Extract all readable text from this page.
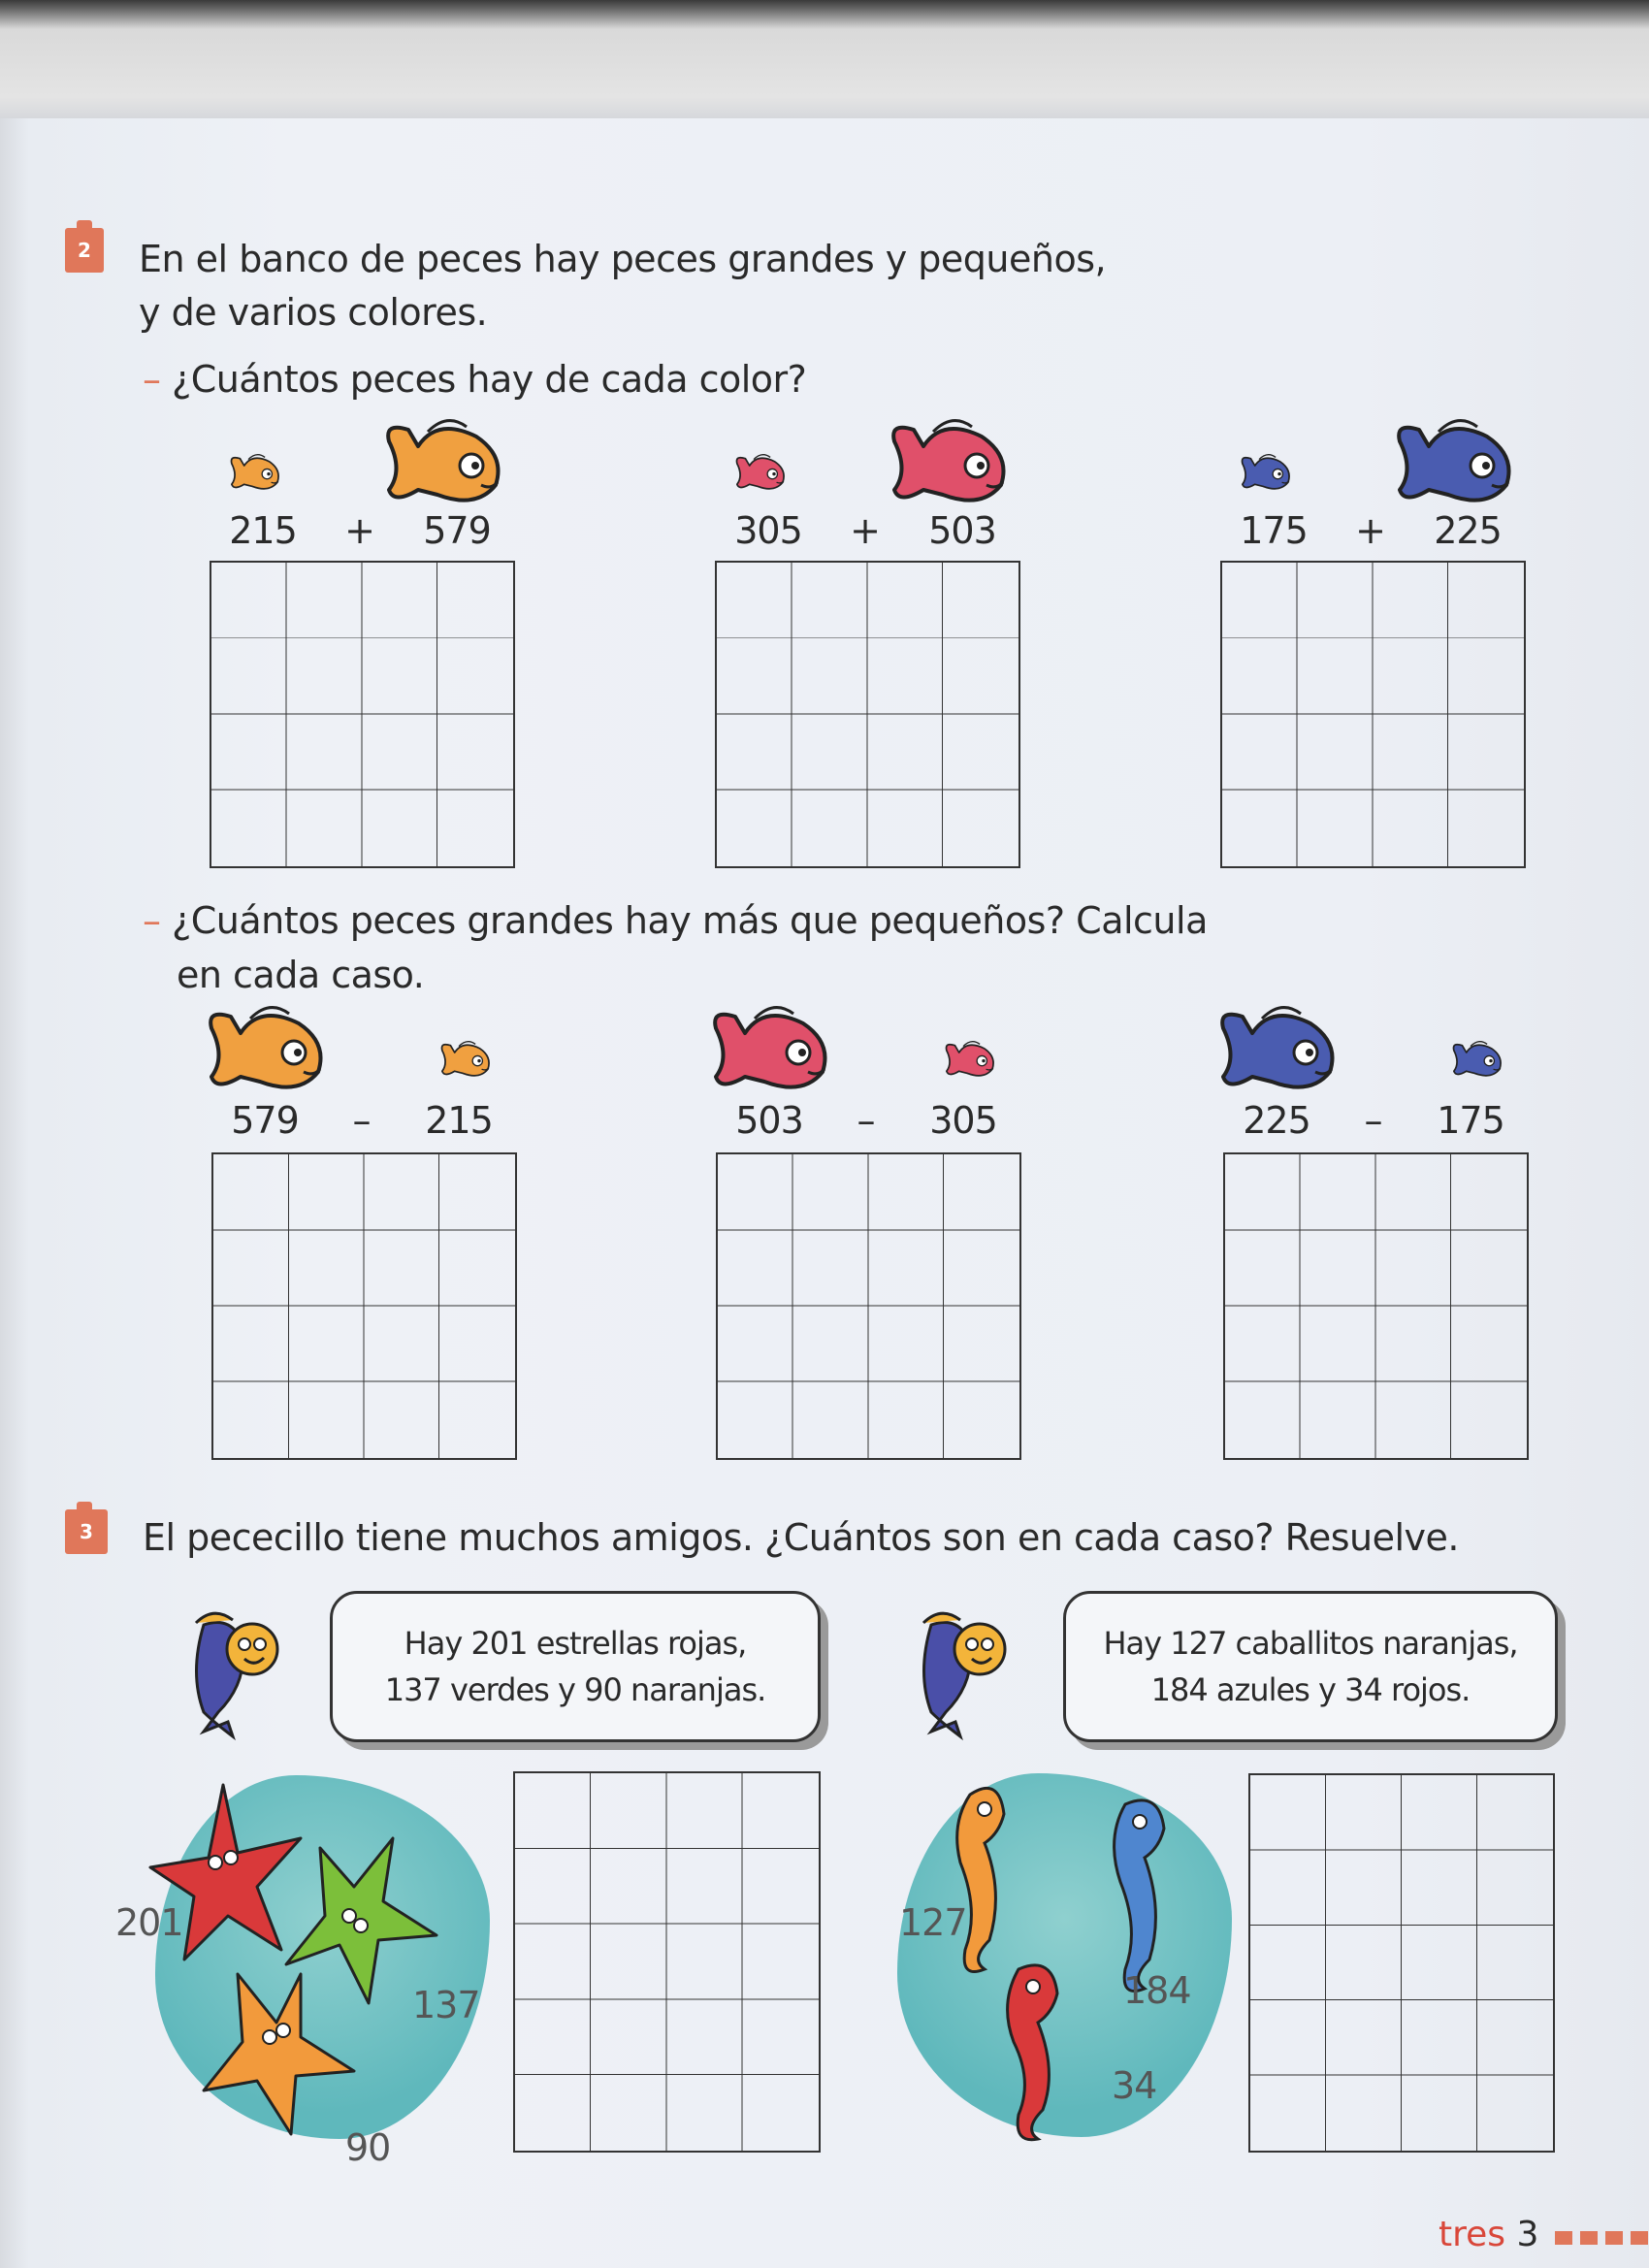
2	En el banco de peces hay peces grandes y pequeños,
y de varios colores.
– ¿Cuántos peces hay de cada color?
215 + 579	305 + 503	175 + 225
– ¿Cuántos peces grandes hay más que pequeños? Calcula
en cada caso.
579 – 215	503 – 305	225 – 175
3	El pececillo tiene muchos amigos. ¿Cuántos son en cada caso? Resuelve.
Hay 201 estrellas rojas,
137 verdes y 90 naranjas.
Hay 127 caballitos naranjas,
184 azules y 34 rojos.
201
137
90
127
184
34
tres 3
